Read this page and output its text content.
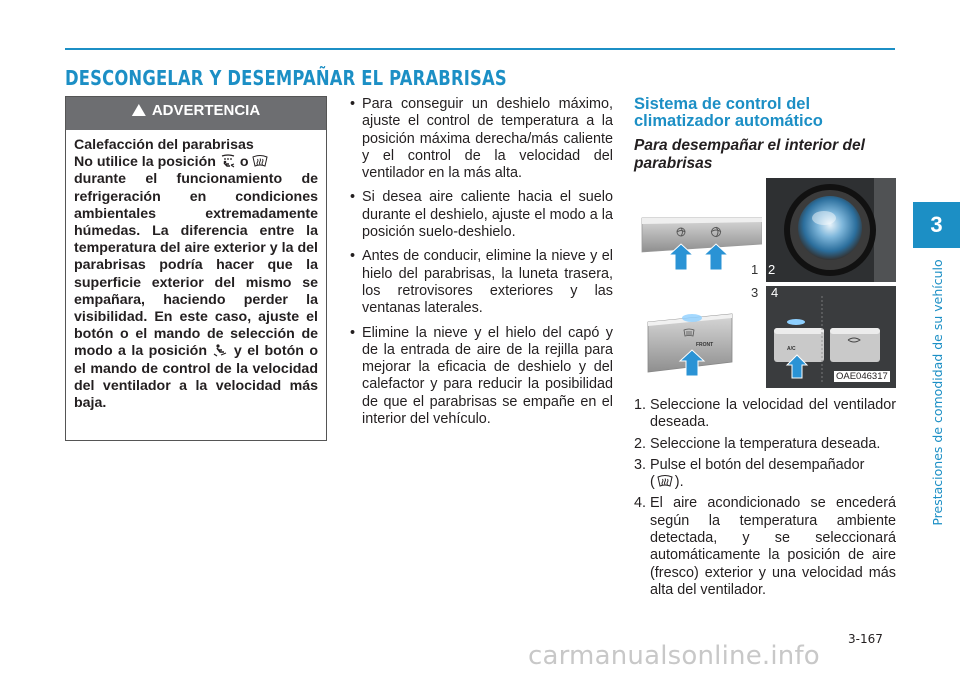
DESCONGELAR Y DESEMPAÑAR EL PARABRISAS
ADVERTENCIA

Calefacción del parabrisas

No utilice la posición o
durante el funcionamiento de refrigeración en condiciones ambientales extremadamente húmedas. La diferencia entre la temperatura del aire exterior y la del parabrisas podría hacer que la superficie exterior del mismo se empañara, haciendo perder la visibilidad. En este caso, ajuste el botón o el mando de selección de modo a la posición y el botón o el mando de control de la velocidad del ventilador a la velocidad más baja.

• Para conseguir un deshielo máximo, ajuste el control de temperatura a la posición máxima derecha/más caliente y el control de la velocidad del ventilador en la más alta.
• Si desea aire caliente hacia el suelo durante el deshielo, ajuste el modo a la posición suelo-deshielo.
• Antes de conducir, elimine la nieve y el hielo del parabrisas, la luneta trasera, los retrovisores exteriores y las ventanas laterales.
• Elimine la nieve y el hielo del capó y de la entrada de aire de la rejilla para mejorar la eficacia de deshielo y del calefactor y para reducir la posibilidad de que el parabrisas se empañe en el interior del vehículo.
Sistema de control del climatizador automático
Para desempañar el interior del parabrisas
1 2
3 4
FRONT
A/C
OAE046317
1. Seleccione la velocidad del ventilador deseada.
2. Seleccione la temperatura deseada.
3. Pulse el botón del desempañador
( ).
4. El aire acondicionado se encederá según la temperatura ambiente detectada, y se seleccionará automáticamente la posición de aire (fresco) exterior y una velocidad más alta del ventilador.
3
Prestaciones de comodidad de su vehículo
3-167
carmanualsonline.info
